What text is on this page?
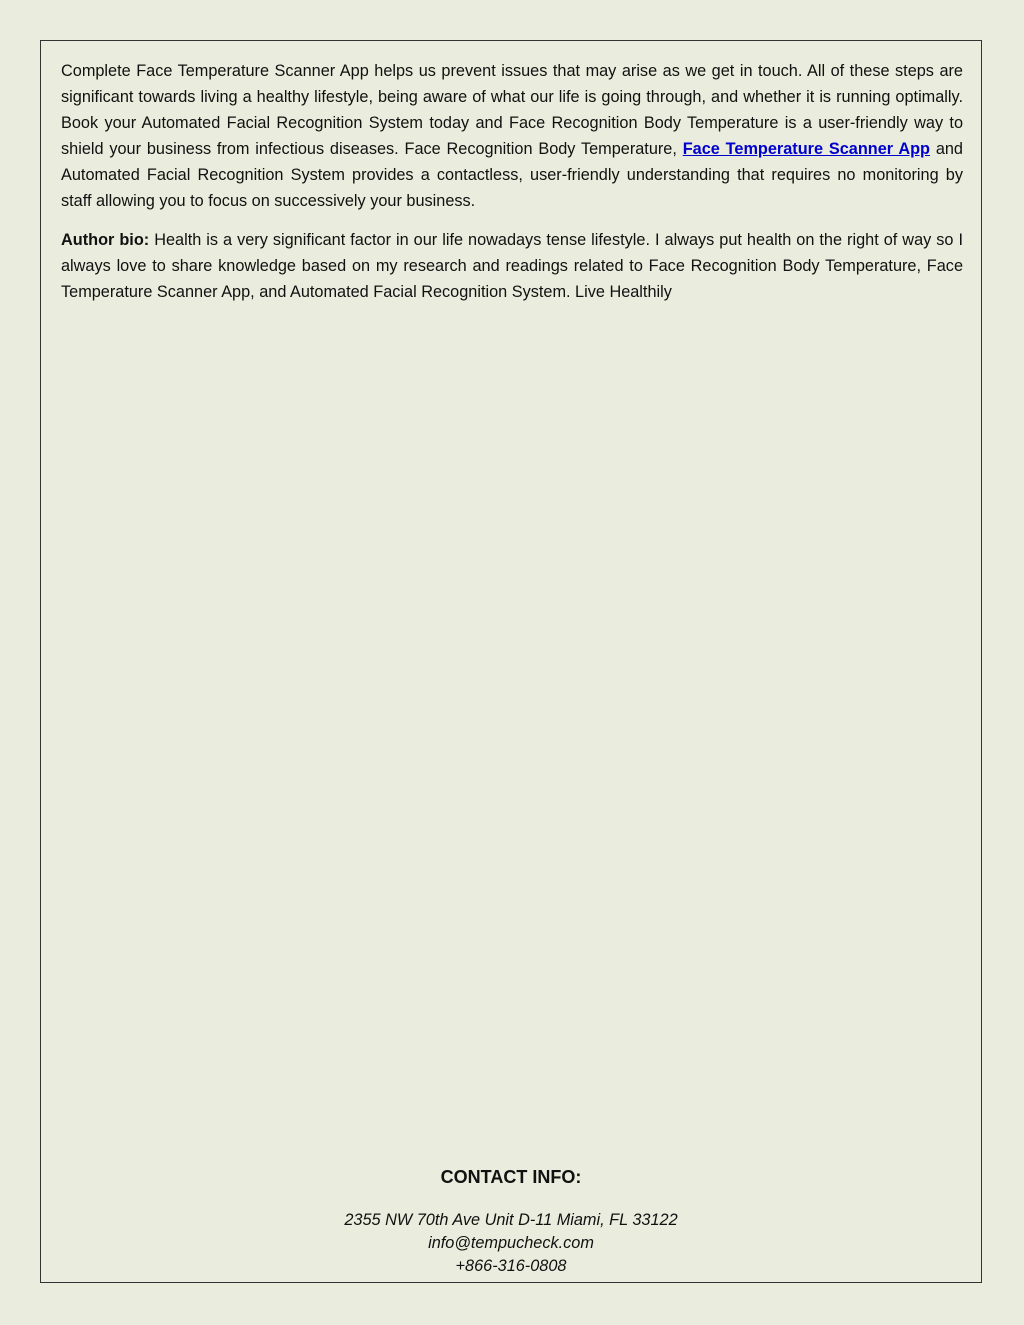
Complete Face Temperature Scanner App helps us prevent issues that may arise as we get in touch. All of these steps are significant towards living a healthy lifestyle, being aware of what our life is going through, and whether it is running optimally. Book your Automated Facial Recognition System today and Face Recognition Body Temperature is a user-friendly way to shield your business from infectious diseases. Face Recognition Body Temperature, Face Temperature Scanner App and Automated Facial Recognition System provides a contactless, user-friendly understanding that requires no monitoring by staff allowing you to focus on successively your business.

Author bio: Health is a very significant factor in our life nowadays tense lifestyle. I always put health on the right of way so I always love to share knowledge based on my research and readings related to Face Recognition Body Temperature, Face Temperature Scanner App, and Automated Facial Recognition System. Live Healthily

CONTACT INFO:
2355 NW 70th Ave Unit D-11 Miami, FL 33122
info@tempucheck.com
+866-316-0808
